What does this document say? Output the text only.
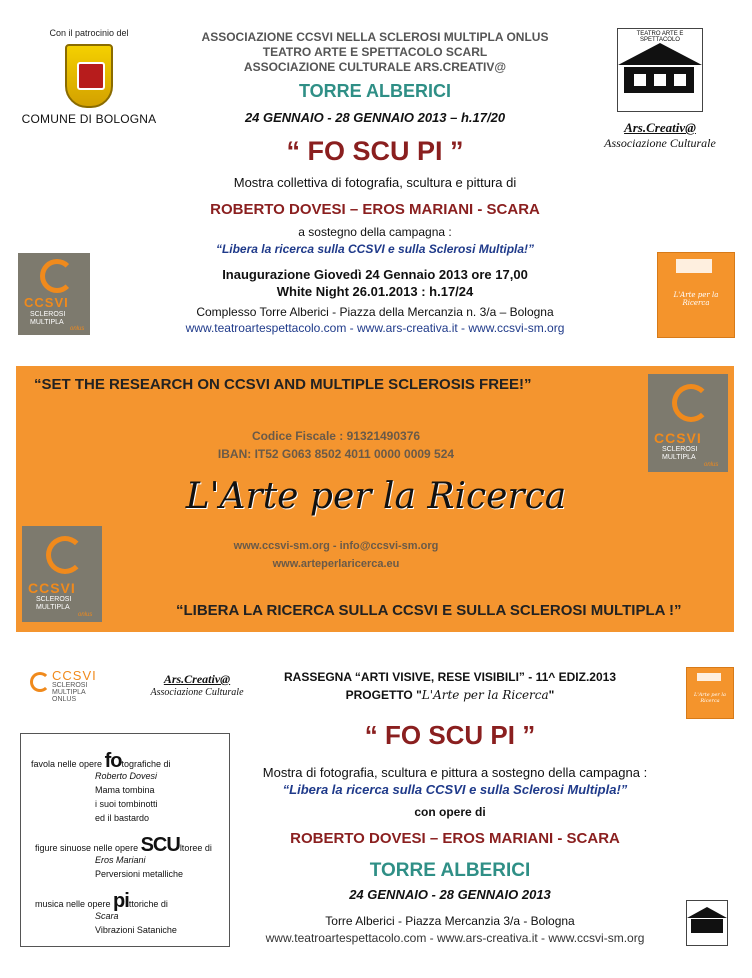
Con il patrocinio del
COMUNE DI BOLOGNA
ASSOCIAZIONE CCSVI NELLA SCLEROSI MULTIPLA ONLUS
TEATRO ARTE E SPETTACOLO SCARL
ASSOCIAZIONE CULTURALE ARS.CREATIV@
TORRE ALBERICI
24 GENNAIO - 28 GENNAIO 2013 – h.17/20
“ FO SCU PI ”
Mostra collettiva di fotografia, scultura e pittura di
ROBERTO DOVESI – EROS MARIANI - SCARA
a sostegno della campagna :
“Libera la ricerca sulla CCSVI e sulla Sclerosi Multipla!”
Inaugurazione Giovedì 24 Gennaio 2013 ore 17,00
White Night 26.01.2013 : h.17/24
Complesso Torre Alberici - Piazza della Mercanzia n. 3/a – Bologna
www.teatroartespettacolo.com - www.ars-creativa.it - www.ccsvi-sm.org
TEATRO ARTE E SPETTACOLO
Ars.Creativ@
Associazione Culturale
CCSVI
SCLEROSI
MULTIPLA
onlus
L'Arte per la Ricerca
“SET THE RESEARCH ON CCSVI AND MULTIPLE SCLEROSIS FREE!”
Codice Fiscale : 91321490376
IBAN: IT52 G063 8502 4011 0000 0009 524
L'Arte per la Ricerca
www.ccsvi-sm.org - info@ccsvi-sm.org
www.arteperlaricerca.eu
“LIBERA LA RICERCA SULLA CCSVI E SULLA SCLEROSI MULTIPLA !”
CCSVI
SCLEROSI
MULTIPLA
onlus
CCSVI
SCLEROSI
MULTIPLA
onlus
CCSVI
SCLEROSI
MULTIPLA
ONLUS
Ars.Creativ@
Associazione Culturale
RASSEGNA “ARTI VISIVE, RESE VISIBILI” - 11^ EDIZ.2013
PROGETTO "L'Arte per la Ricerca"	L'Arte per la Ricerca
“ FO SCU PI ”
Mostra di fotografia, scultura e pittura a sostegno della campagna :
“Libera la ricerca sulla CCSVI e sulla Sclerosi Multipla!”
con opere di
ROBERTO DOVESI – EROS MARIANI - SCARA
TORRE ALBERICI
24 GENNAIO - 28 GENNAIO 2013
Torre Alberici - Piazza Mercanzia 3/a - Bologna
www.teatroartespettacolo.com - www.ars-creativa.it - www.ccsvi-sm.org
favola nelle opere fotografiche di
Roberto Dovesi
Mama tombina
i suoi tombinotti
ed il bastardo
figure sinuose nelle opere SCUltoree di
Eros Mariani
Perversioni metalliche
musica nelle opere pittoriche di
Scara
Vibrazioni Sataniche
